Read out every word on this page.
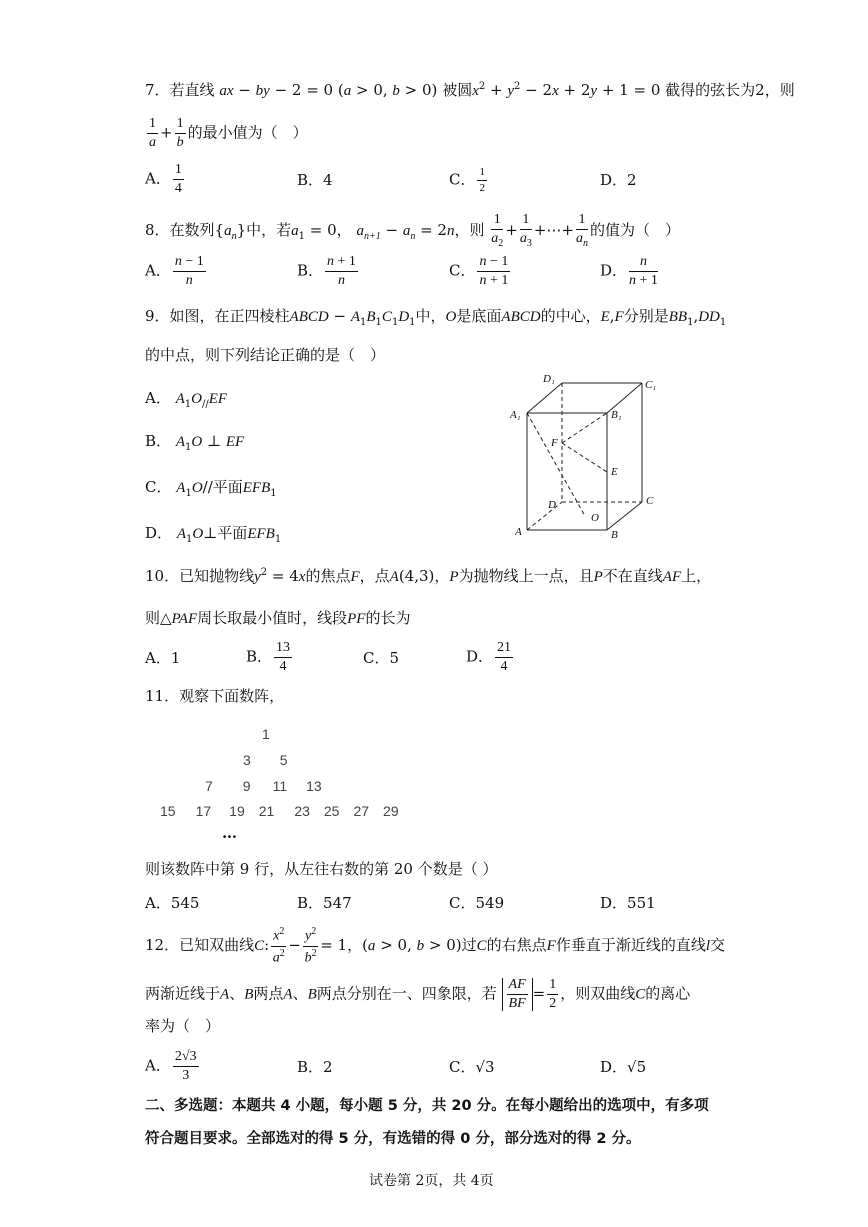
7．若直线 ax − by − 2 = 0 (a > 0, b > 0) 被圆$x^2 + y^2 - 2x + 2y + 1 = 0$ 截得的弦长为2，则
$\frac{1}{a} + \frac{1}{b}$ 的最小值为（　）
A． $\frac{1}{4}$	B．4	C． $\frac{1}{2}$	D．2
8．在数列$\{a_n\}$中，若$a_1 = 0$， $a_{n+1} - a_n = 2n$，则 $\frac{1}{a_2} + \frac{1}{a_3}$ +⋯+ $\frac{1}{a_n}$ 的值为（　）
A． $\frac{n - 1}{n}$	B． $\frac{n + 1}{n}$	C． $\frac{n - 1}{n + 1}$	D． $\frac{n}{n + 1}$
9．如图，在正四棱柱ABCD − $A_1B_1C_1D_1$中，O是底面ABCD的中心，E,F分别是$BB_1,DD_1$
的中点，则下列结论正确的是（　）
A． $A_1O_{//}EF$
B． $A_1O$ ⊥ EF
C． $A_1O//$平面$EFB_1$
D． $A_1O\perp$平面$EFB_1$
D₁	C₁
A₁	B₁
F
E
D	C
O
A	B
10．已知抛物线$y^2 = 4x$的焦点F，点A(4,3)，P为抛物线上一点，且P不在直线AF上，
则△PAF周长取最小值时，线段PF的长为
A．1	B． $\frac{13}{4}$	C．5	D． $\frac{21}{4}$
11．观察下面数阵，
1
3 5
7 9 11 13
15 17 19 21 23 25 27 29
…
则该数阵中第 9 行，从左往右数的第 20 个数是（ ）
A．545	B．547	C．549	D．551
12．已知双曲线C: $\frac{x^2}{a^2} - \frac{y^2}{b^2} = 1$，(a > 0, b > 0)过C的右焦点F作垂直于渐近线的直线l交
两渐近线于A、B两点A、B两点分别在一、四象限，若 $\frac{AF}{BF} = \frac{1}{2}$ ，则双曲线C的离心
率为（　）
A． $\frac{2√3}{3}$	B．2	C．√3	D．√5
二、多选题：本题共 4 小题，每小题 5 分，共 20 分。在每小题给出的选项中，有多项
符合题目要求。全部选对的得 5 分，有选错的得 0 分，部分选对的得 2 分。
试卷第 2页，共 4页
